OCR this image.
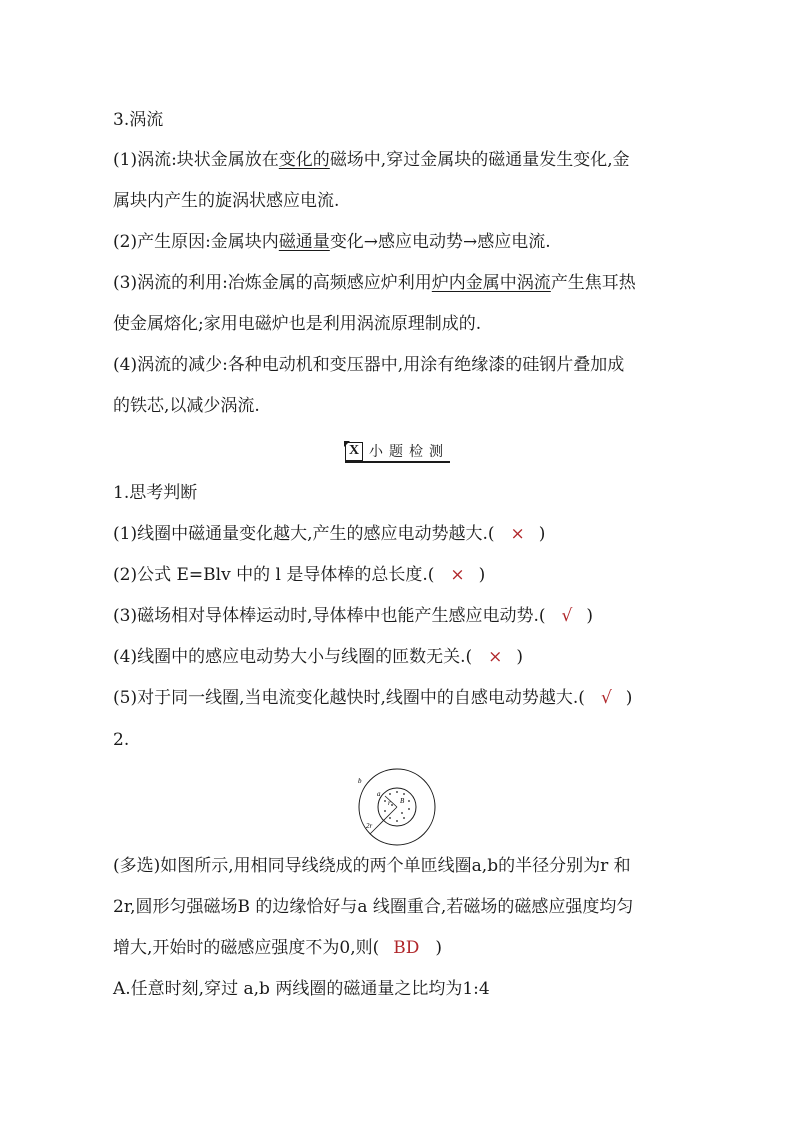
3.涡流
(1)涡流:块状金属放在变化的磁场中,穿过金属块的磁通量发生变化,金
属块内产生的旋涡状感应电流.
(2)产生原因:金属块内磁通量变化→感应电动势→感应电流.
(3)涡流的利用:冶炼金属的高频感应炉利用炉内金属中涡流产生焦耳热
使金属熔化;家用电磁炉也是利用涡流原理制成的.
(4)涡流的减少:各种电动机和变压器中,用涂有绝缘漆的硅钢片叠加成
的铁芯,以减少涡流.
X 小题检测
1.思考判断
(1)线圈中磁通量变化越大,产生的感应电动势越大.( × )
(2)公式 E=Blv 中的 l 是导体棒的总长度.( × )
(3)磁场相对导体棒运动时,导体棒中也能产生感应电动势.( √ )
(4)线圈中的感应电动势大小与线圈的匝数无关.( × )
(5)对于同一线圈,当电流变化越快时,线圈中的自感电动势越大.( √ )
2.
b
a
r B
2r
(多选)如图所示,用相同导线绕成的两个单匝线圈a,b的半径分别为r 和
2r,圆形匀强磁场B 的边缘恰好与a 线圈重合,若磁场的磁感应强度均匀
增大,开始时的磁感应强度不为0,则( BD )
A.任意时刻,穿过 a,b 两线圈的磁通量之比均为1:4
